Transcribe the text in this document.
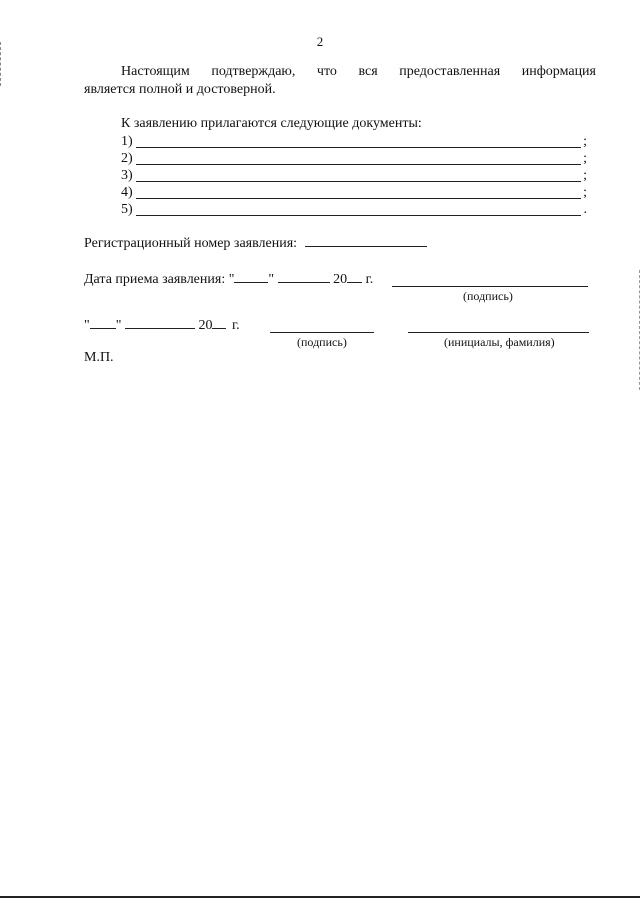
2
Настоящим подтверждаю, что вся предоставленная информация
является полной и достоверной.
К заявлению прилагаются следующие документы:
1)	;
2)	;
3)	;
4)	;
5)	.
Регистрационный номер заявления:
Дата приема заявления: " "	20 г.
(подпись)
" "	20 г.
(подпись)	(инициалы, фамилия)
М.П.
